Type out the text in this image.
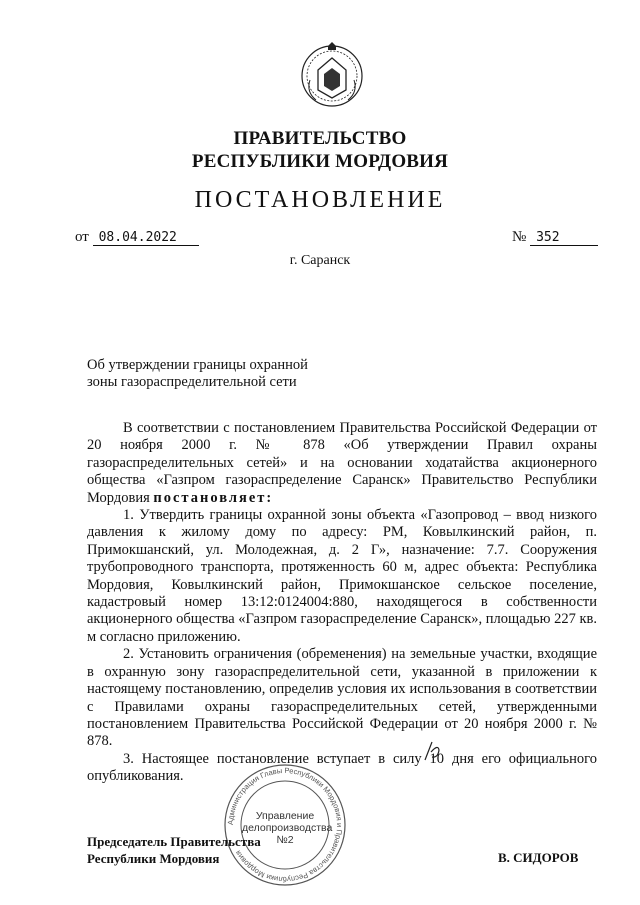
ПРАВИТЕЛЬСТВО
РЕСПУБЛИКИ МОРДОВИЯ
ПОСТАНОВЛЕНИЕ
от 08.04.2022	№ 352
г. Саранск
Об утверждении границы охранной
зоны газораспределительной сети

В соответствии с постановлением Правительства Российской Федерации от 20 ноября 2000 г. № 878 «Об утверждении Правил охраны газораспределительных сетей» и на основании ходатайства акционерного общества «Газпром газораспределение Саранск» Правительство Республики Мордовия постановляет:

1. Утвердить границы охранной зоны объекта «Газопровод – ввод низкого давления к жилому дому по адресу: РМ, Ковылкинский район, п. Примокшанский, ул. Молодежная, д. 2 Г», назначение: 7.7. Сооружения трубопроводного транспорта, протяженность 60 м, адрес объекта: Республика Мордовия, Ковылкинский район, Примокшанское сельское поселение, кадастровый номер 13:12:0124004:880, находящегося в собственности акционерного общества «Газпром газораспределение Саранск», площадью 227 кв. м согласно приложению.

2. Установить ограничения (обременения) на земельные участки, входящие в охранную зону газораспределительной сети, указанной в приложении к настоящему постановлению, определив условия их использования в соответствии с Правилами охраны газораспределительных сетей, утвержденными постановлением Правительства Российской Федерации от 20 ноября 2000 г. № 878.

3. Настоящее постановление вступает в силу 10 дня его официального опубликования.

Администрация Главы Республики Мордовия и Правительства Республики Мордовия
Управление
делопроизводства
№2
Председатель Правительства
Республики Мордовия	В. СИДОРОВ
